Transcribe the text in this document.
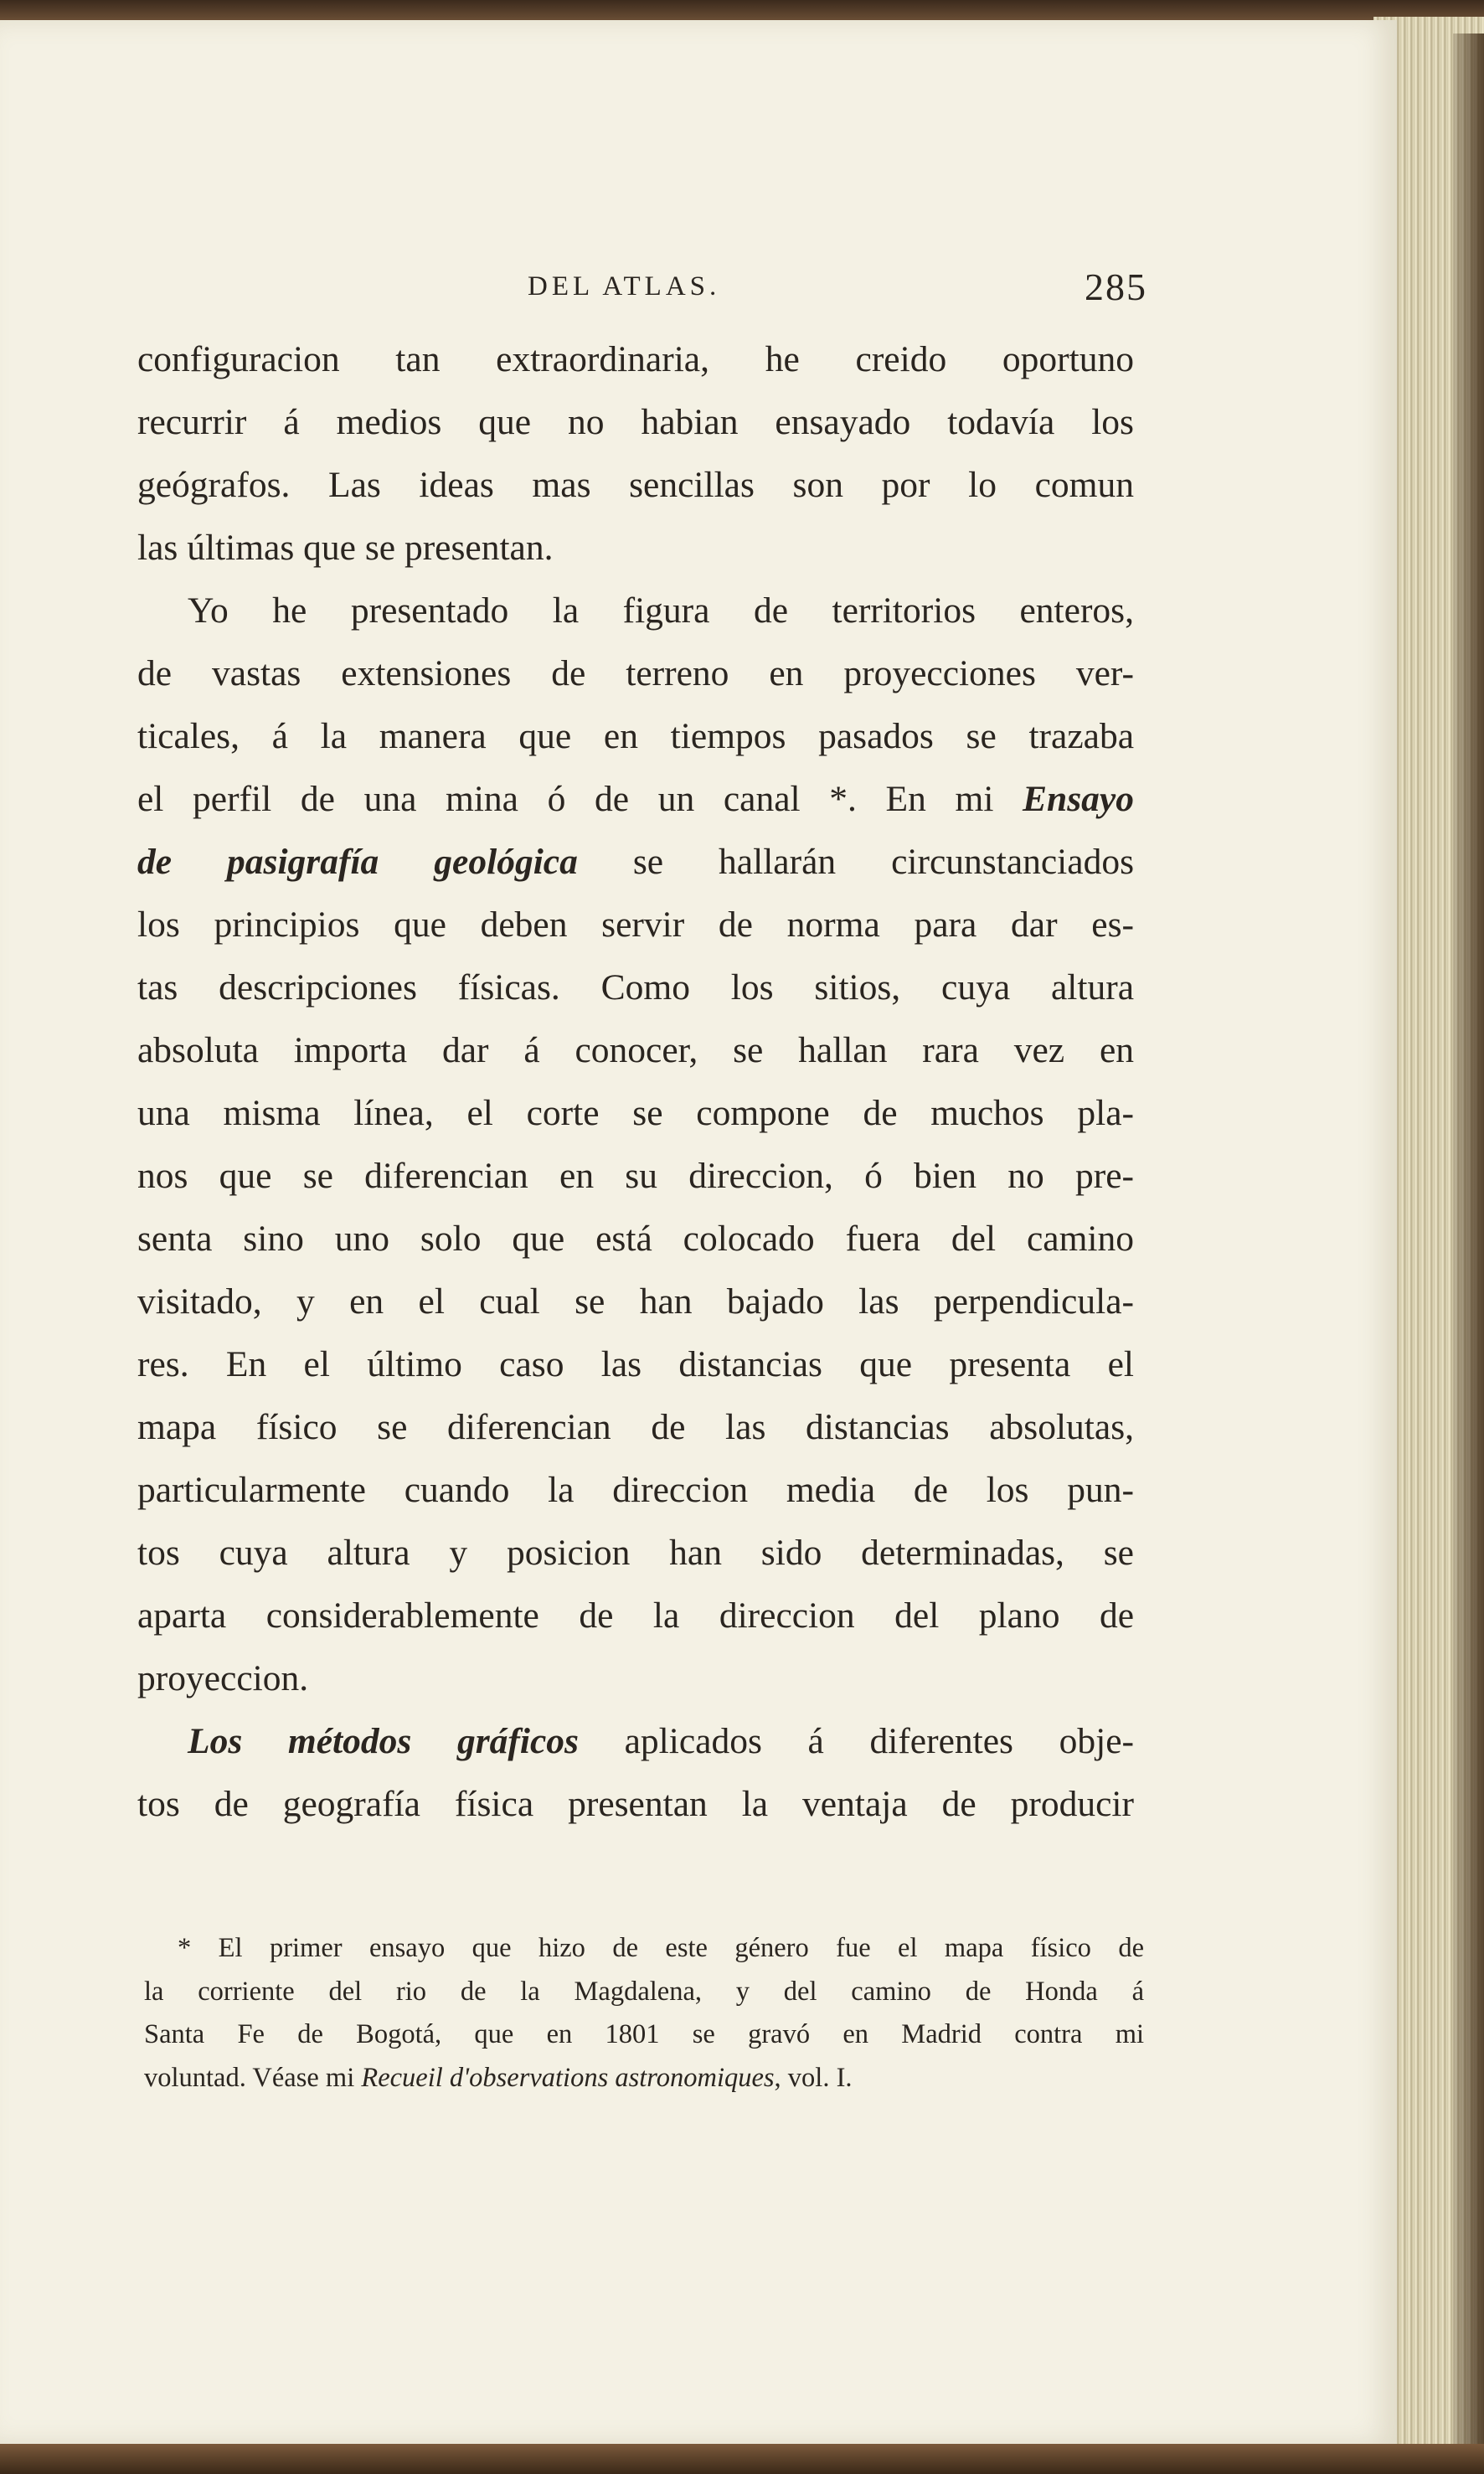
DEL ATLAS.	285
configuracion tan extraordinaria, he creido oportuno
recurrir á medios que no habian ensayado todavía los
geógrafos. Las ideas mas sencillas son por lo comun
las últimas que se presentan.
Yo he presentado la figura de territorios enteros,
de vastas extensiones de terreno en proyecciones ver-
ticales, á la manera que en tiempos pasados se trazaba
el perfil de una mina ó de un canal *. En mi Ensayo
de pasigrafía geológica se hallarán circunstanciados
los principios que deben servir de norma para dar es-
tas descripciones físicas. Como los sitios, cuya altura
absoluta importa dar á conocer, se hallan rara vez en
una misma línea, el corte se compone de muchos pla-
nos que se diferencian en su direccion, ó bien no pre-
senta sino uno solo que está colocado fuera del camino
visitado, y en el cual se han bajado las perpendicula-
res. En el último caso las distancias que presenta el
mapa físico se diferencian de las distancias absolutas,
particularmente cuando la direccion media de los pun-
tos cuya altura y posicion han sido determinadas, se
aparta considerablemente de la direccion del plano de
proyeccion.
Los métodos gráficos aplicados á diferentes obje-
tos de geografía física presentan la ventaja de producir
* El primer ensayo que hizo de este género fue el mapa físico de
la corriente del rio de la Magdalena, y del camino de Honda á
Santa Fe de Bogotá, que en 1801 se gravó en Madrid contra mi
voluntad. Véase mi Recueil d'observations astronomiques, vol. I.
